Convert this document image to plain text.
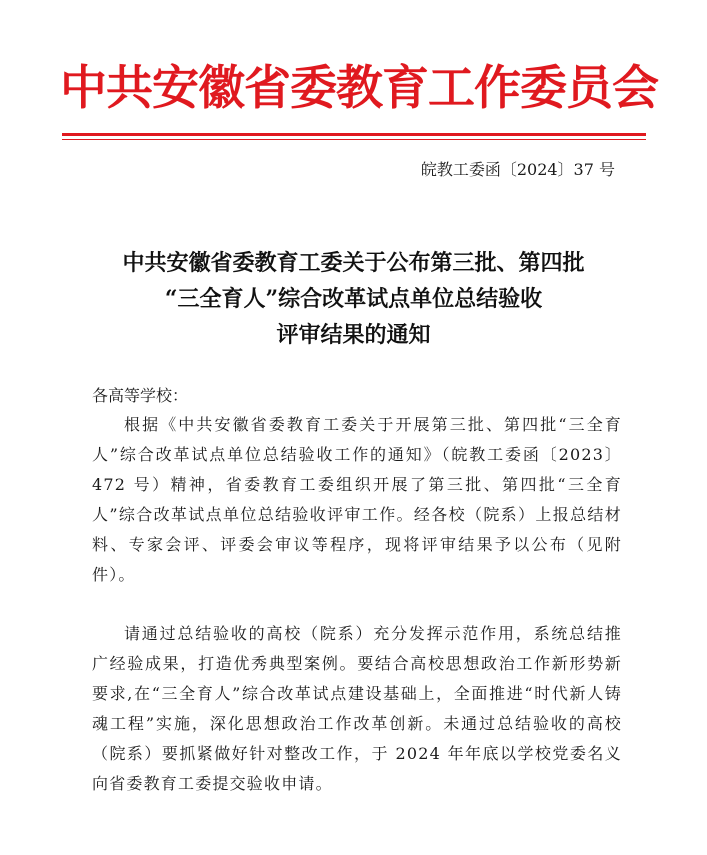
中共安徽省委教育工作委员会
皖教工委函〔2024〕37 号
中共安徽省委教育工委关于公布第三批、第四批
“三全育人”综合改革试点单位总结验收
评审结果的通知
各高等学校：
根据《中共安徽省委教育工委关于开展第三批、第四批“三全育人”综合改革试点单位总结验收工作的通知》（皖教工委函〔2023〕472 号）精神，省委教育工委组织开展了第三批、第四批“三全育人”综合改革试点单位总结验收评审工作。经各校（院系）上报总结材料、专家会评、评委会审议等程序，现将评审结果予以公布（见附件）。
请通过总结验收的高校（院系）充分发挥示范作用，系统总结推广经验成果，打造优秀典型案例。要结合高校思想政治工作新形势新要求,在“三全育人”综合改革试点建设基础上，全面推进“时代新人铸魂工程”实施，深化思想政治工作改革创新。未通过总结验收的高校（院系）要抓紧做好针对整改工作，于 2024 年年底以学校党委名义向省委教育工委提交验收申请。
